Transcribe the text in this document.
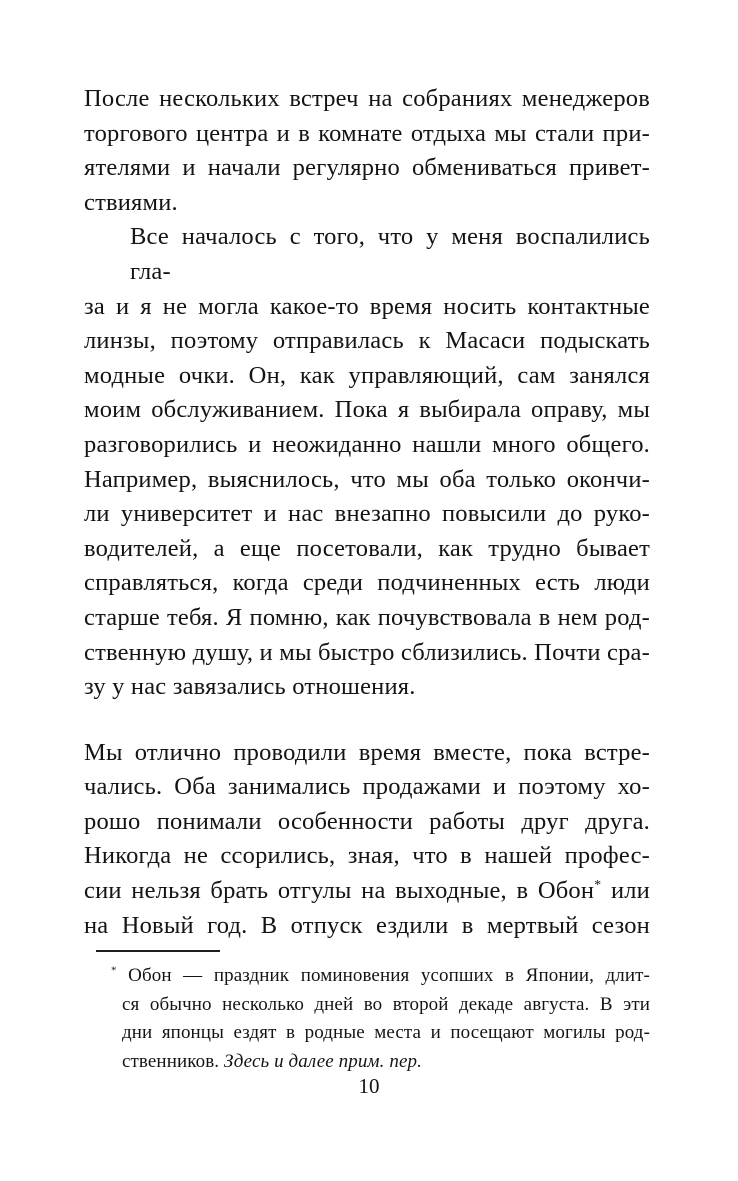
После нескольких встреч на собраниях менеджеров
торгового центра и в комнате отдыха мы стали при-
ятелями и начали регулярно обмениваться привет-
ствиями.
Все началось с того, что у меня воспалились гла-
за и я не могла какое-то время носить контактные
линзы, поэтому отправилась к Масаси подыскать
модные очки. Он, как управляющий, сам занялся
моим обслуживанием. Пока я выбирала оправу, мы
разговорились и неожиданно нашли много общего.
Например, выяснилось, что мы оба только окончи-
ли университет и нас внезапно повысили до руко-
водителей, а еще посетовали, как трудно бывает
справляться, когда среди подчиненных есть люди
старше тебя. Я помню, как почувствовала в нем род-
ственную душу, и мы быстро сблизились. Почти сра-
зу у нас завязались отношения.
Мы отлично проводили время вместе, пока встре-
чались. Оба занимались продажами и поэтому хо-
рошо понимали особенности работы друг друга.
Никогда не ссорились, зная, что в нашей профес-
сии нельзя брать отгулы на выходные, в Обон* или
на Новый год. В отпуск ездили в мертвый сезон
* Обон — праздник поминовения усопших в Японии, длит-
ся обычно несколько дней во второй декаде августа. В эти
дни японцы ездят в родные места и посещают могилы род-
ственников. Здесь и далее прим. пер.
10
